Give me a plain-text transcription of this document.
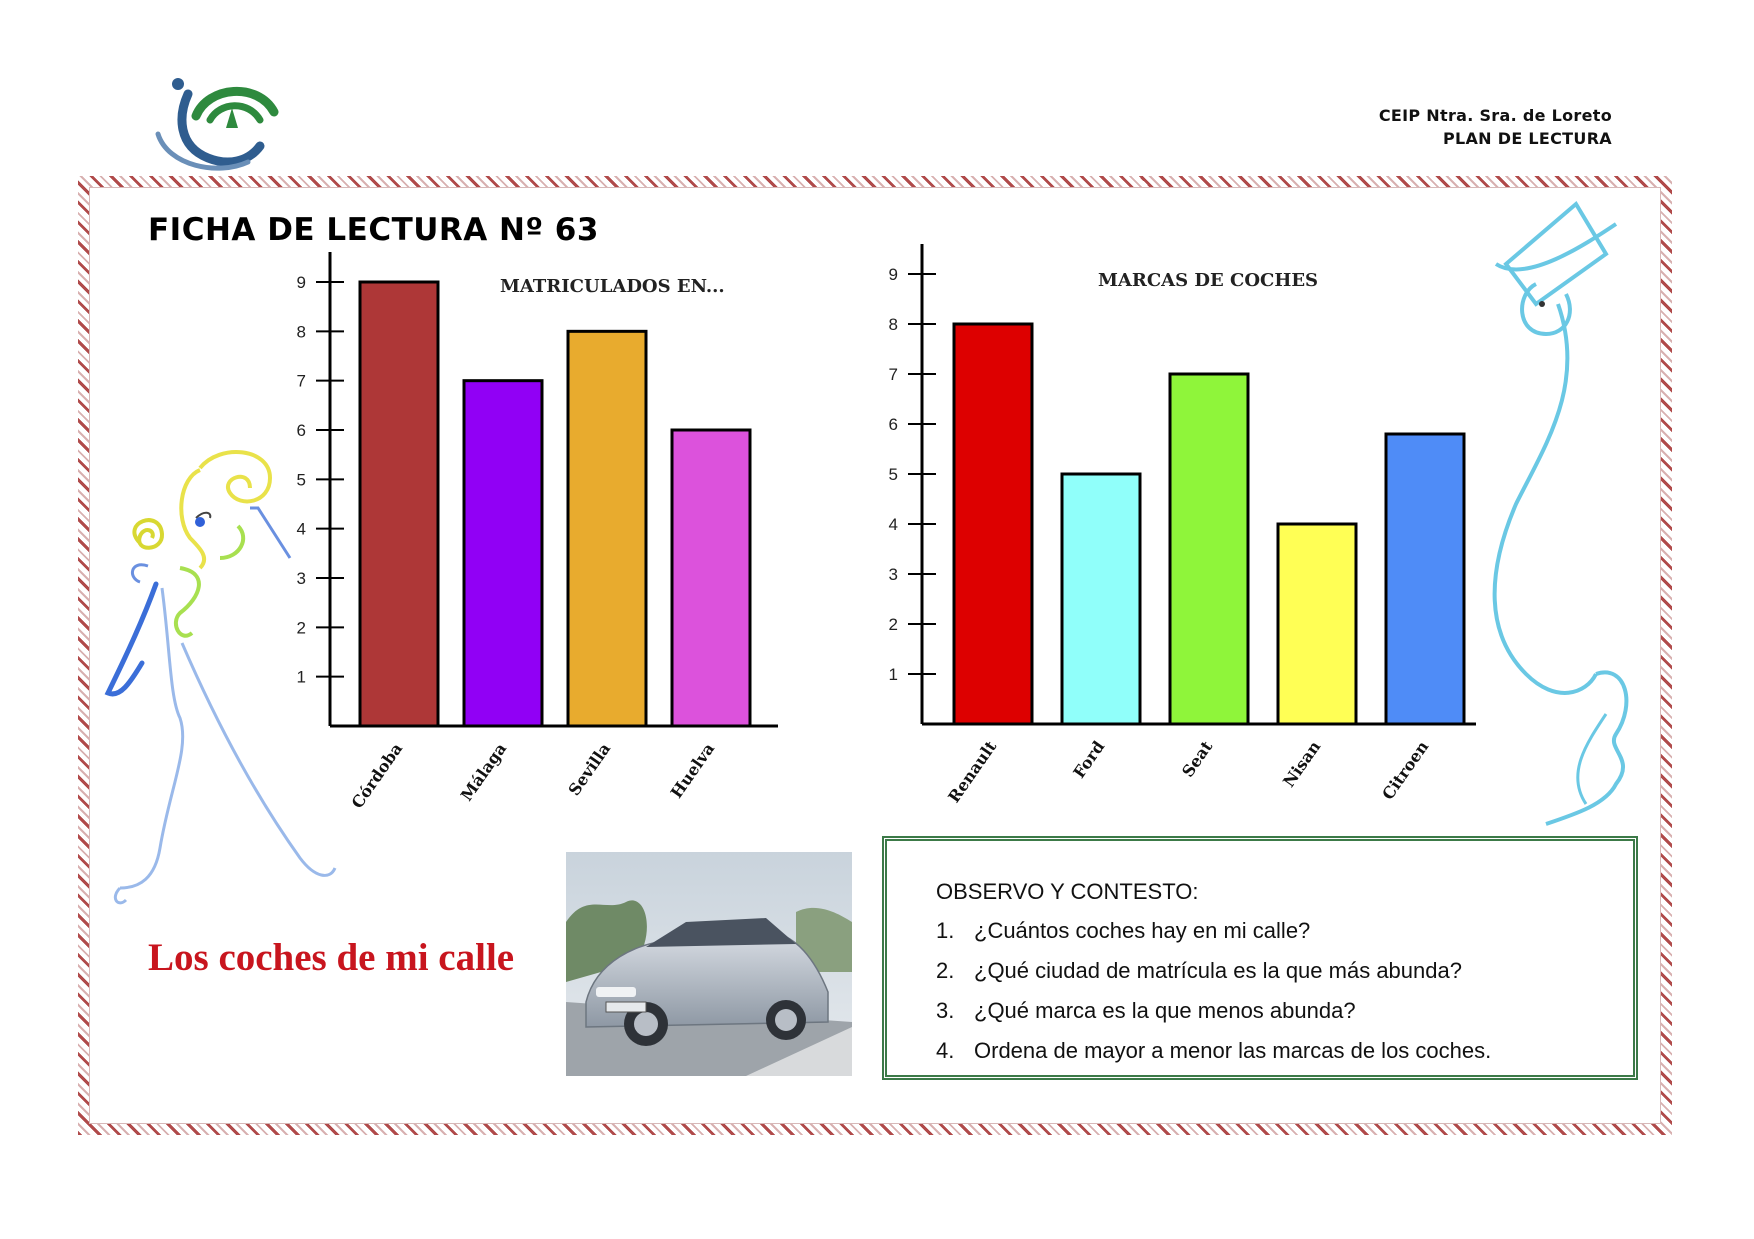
CEIP Ntra. Sra. de Loreto
PLAN DE LECTURA
FICHA DE LECTURA Nº 63
MATRICULADOS EN...
1
2
3
4
5
6
7
8
9
Córdoba	Málaga	Sevilla	Huelva
MARCAS DE COCHES
1
2
3
4
5
6
7
8
9
Renault	Ford	Seat	Nisan	Citroen
Los coches de mi calle
OBSERVO Y CONTESTO:
1. ¿Cuántos coches hay en mi calle?
2. ¿Qué ciudad de matrícula es la que más abunda?
3. ¿Qué marca es la que menos abunda?
4. Ordena de mayor a menor las marcas de los coches.
